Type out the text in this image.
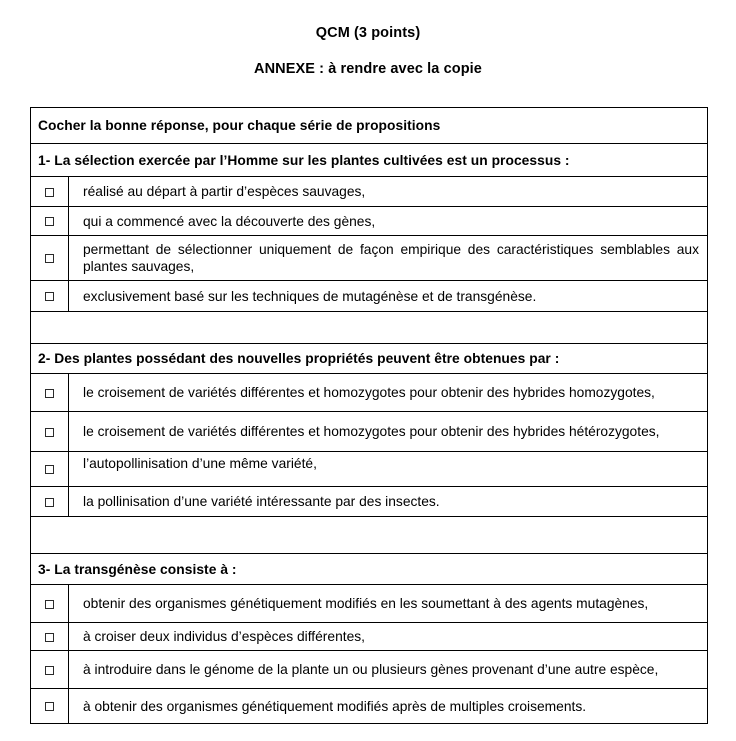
QCM (3 points)
ANNEXE : à rendre avec la copie
Cocher la bonne réponse, pour chaque série de propositions	
1- La sélection exercée par l’Homme sur les plantes cultivées est un processus :	
	réalisé au départ à partir d’espèces sauvages,
	qui a commencé avec la découverte des gènes,
	permettant de sélectionner uniquement de façon empirique des caractéristiques semblables aux plantes sauvages,
	exclusivement basé sur les techniques de mutagénèse et de transgénèse.

2- Des plantes possédant des nouvelles propriétés peuvent être obtenues par :	
	le croisement de variétés différentes et homozygotes pour obtenir des hybrides homozygotes,
	le croisement de variétés différentes et homozygotes pour obtenir des hybrides hétérozygotes,
	l’autopollinisation d’une même variété,
	la pollinisation d’une variété intéressante par des insectes.

3- La transgénèse consiste à :	
	obtenir des organismes génétiquement modifiés en les soumettant à des agents mutagènes,
	à croiser deux individus d’espèces différentes,
	à introduire dans le génome de la plante un ou plusieurs gènes provenant d’une autre espèce,
	à obtenir des organismes génétiquement modifiés après de multiples croisements.
